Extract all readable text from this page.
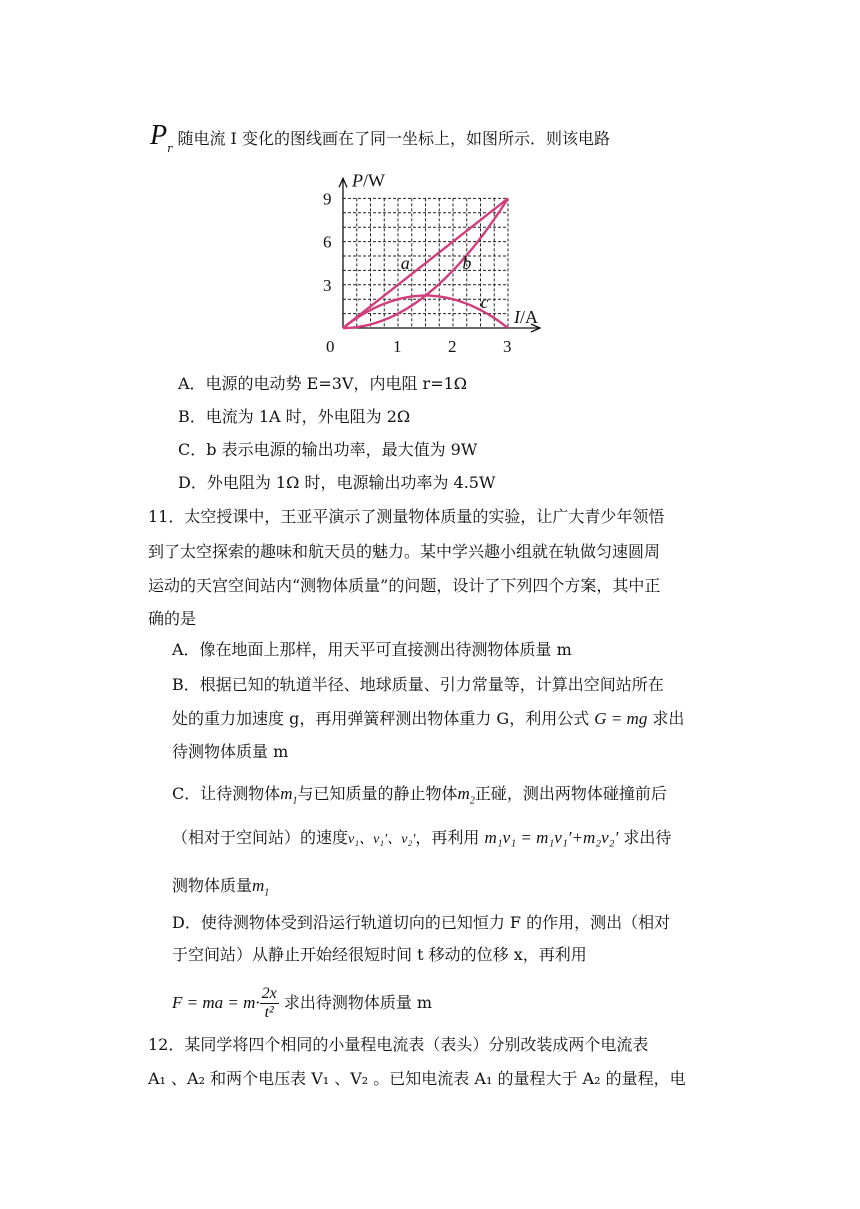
$P_r$ 随电流 I 变化的图线画在了同一坐标上，如图所示．则该电路
0	1	2	3
3
6
9
P/W
I/A
a	b
c
A．电源的电动势 E=3V，内电阻 r=1Ω
B．电流为 1A 时，外电阻为 2Ω
C．b 表示电源的输出功率，最大值为 9W
D．外电阻为 1Ω 时，电源输出功率为 4.5W
11．太空授课中，王亚平演示了测量物体质量的实验，让广大青少年领悟
到了太空探索的趣味和航天员的魅力。某中学兴趣小组就在轨做匀速圆周
运动的天宫空间站内“测物体质量”的问题，设计了下列四个方案，其中正
确的是
A．像在地面上那样，用天平可直接测出待测物体质量 m
B．根据已知的轨道半径、地球质量、引力常量等，计算出空间站所在
处的重力加速度 g，再用弹簧秤测出物体重力 G，利用公式 G = mg 求出
待测物体质量 m
C．让待测物体$m_1$与已知质量的静止物体$m_2$正碰，测出两物体碰撞前后
（相对于空间站）的速度v₁、v₁′、v₂′，再利用 m₁v₁ = m₁v₁′+m₂v₂′ 求出待
测物体质量$m_1$
D．使待测物体受到沿运行轨道切向的已知恒力 F 的作用，测出（相对
于空间站）从静止开始经很短时间 t 移动的位移 x，再利用
F = ma = $m\cdot \frac{2x}{\text{t²}}$ 求出待测物体质量 m
12．某同学将四个相同的小量程电流表（表头）分别改装成两个电流表
A₁ 、A₂ 和两个电压表 V₁ 、V₂ 。已知电流表 A₁ 的量程大于 A₂ 的量程，电
